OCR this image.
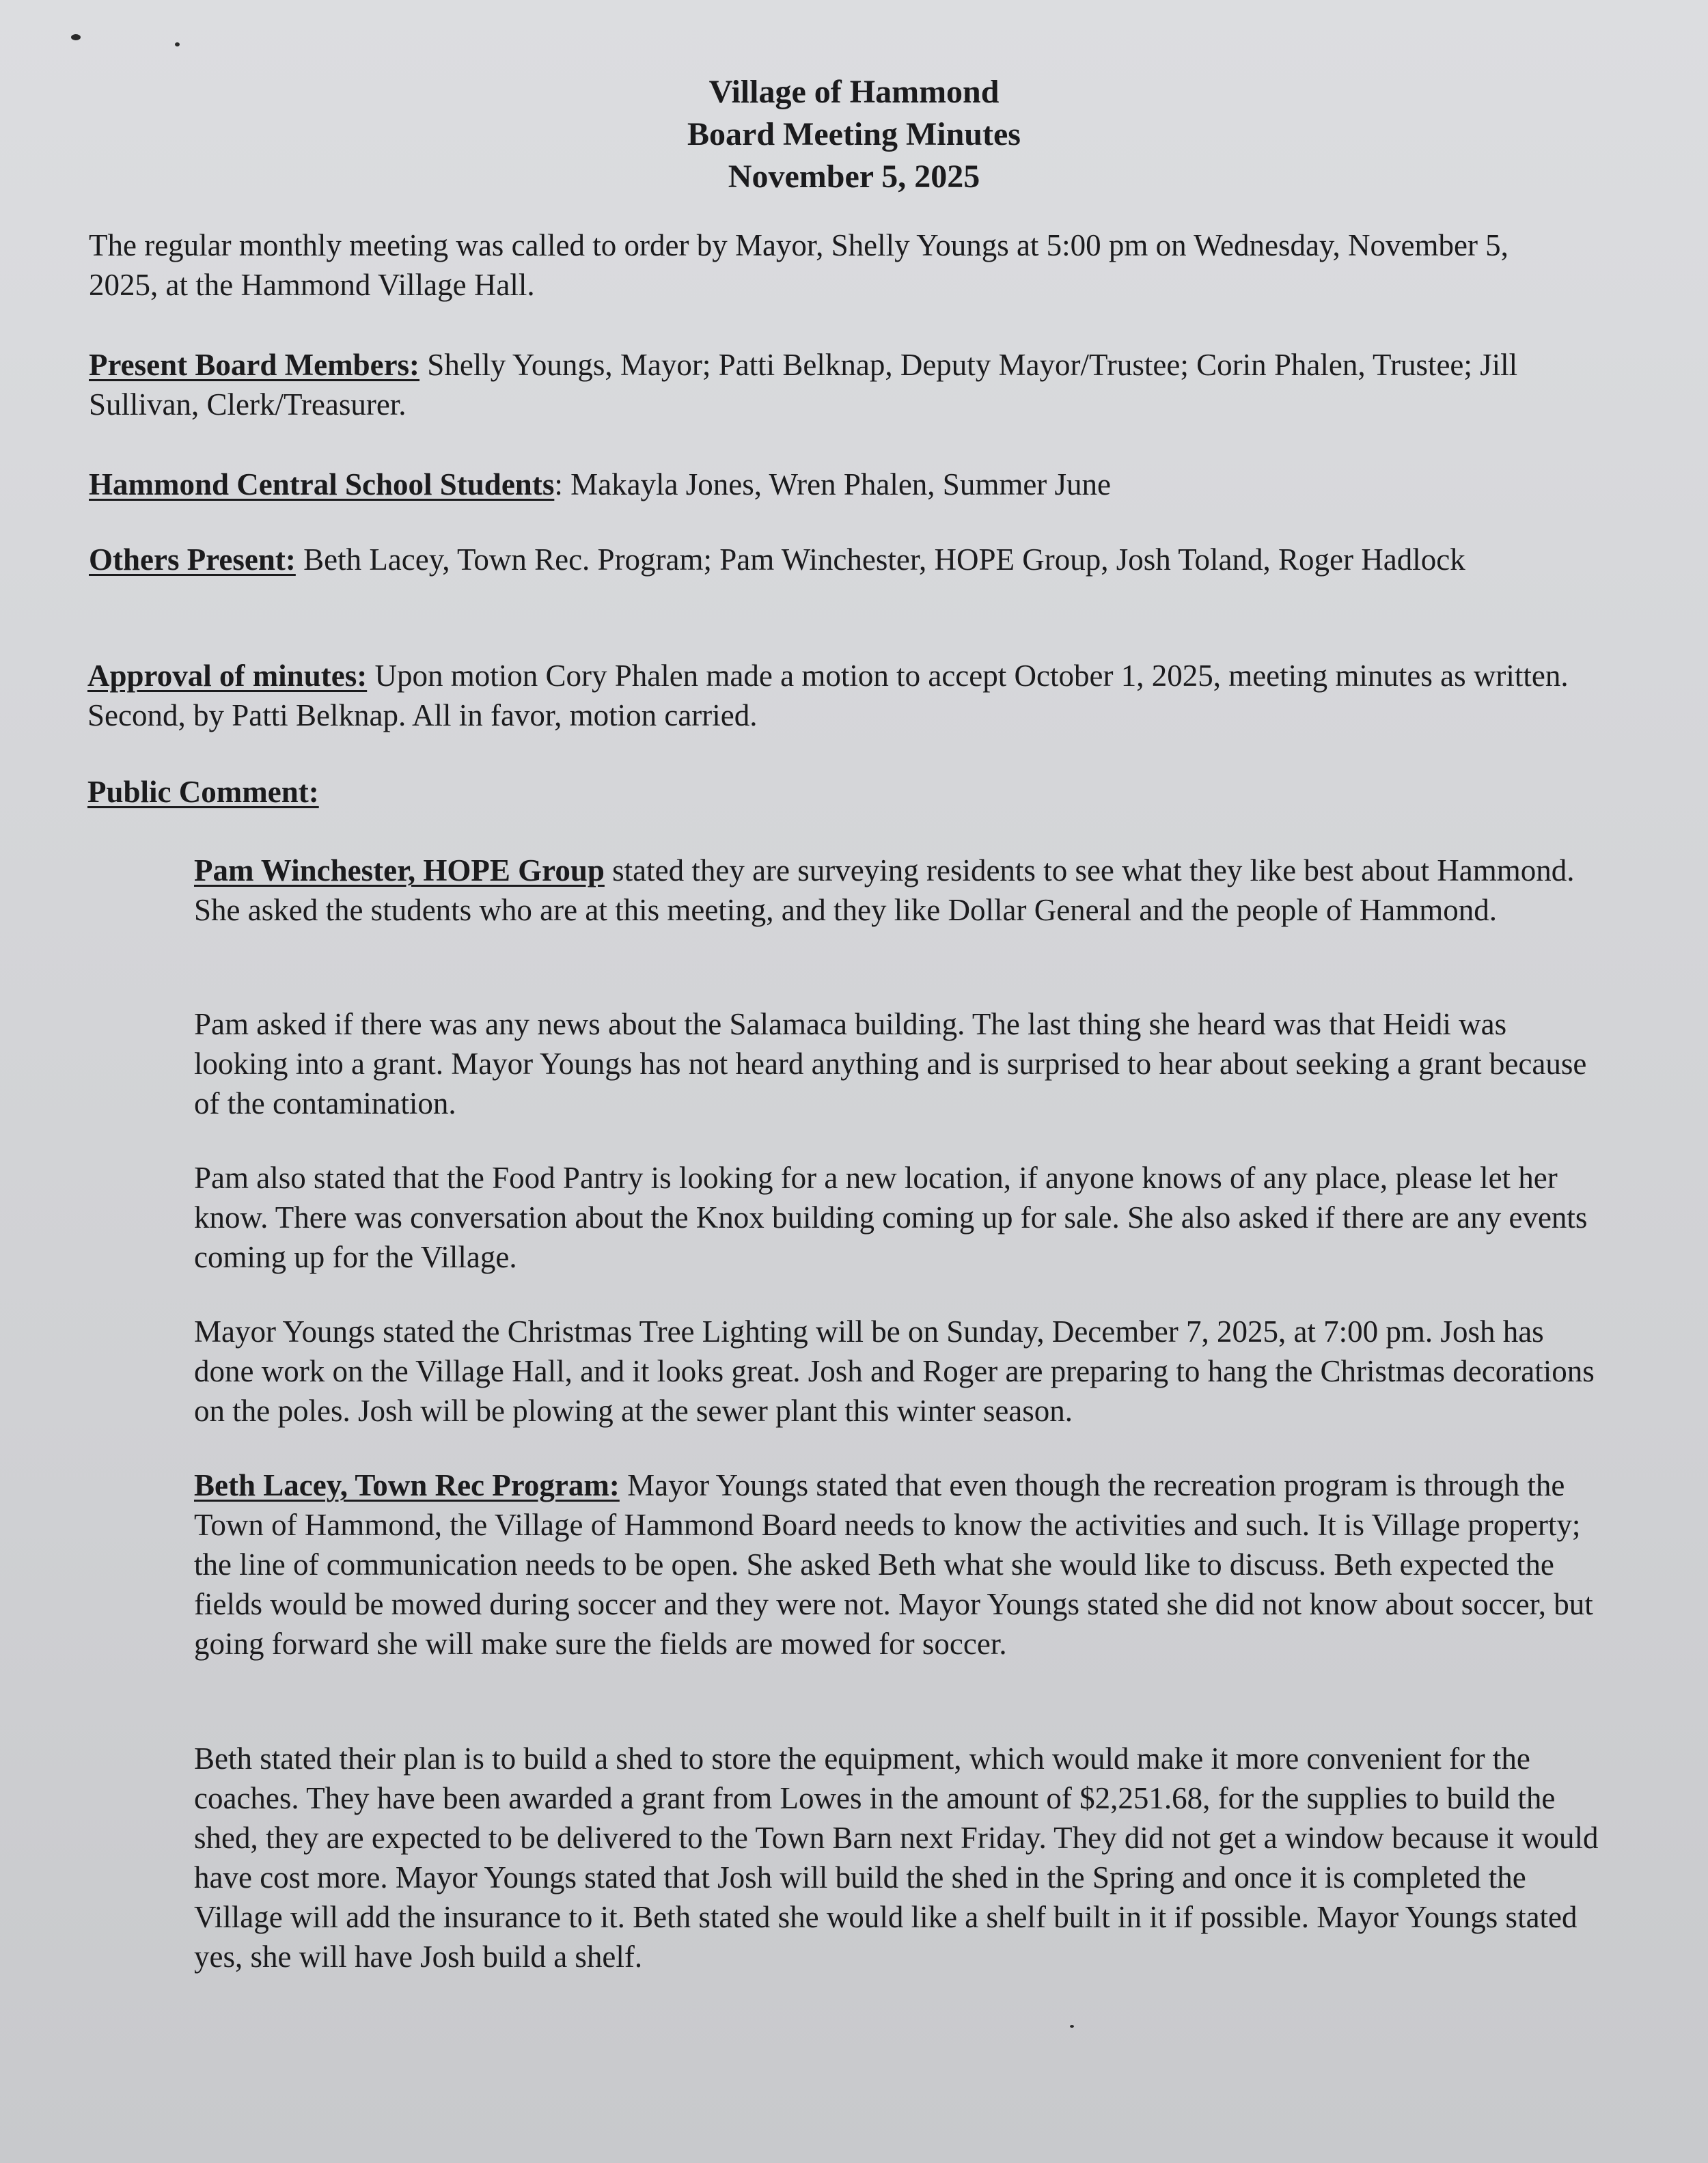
Village of Hammond
Board Meeting Minutes
November 5, 2025

The regular monthly meeting was called to order by Mayor, Shelly Youngs at 5:00 pm on Wednesday, November 5, 2025, at the Hammond Village Hall.

Present Board Members: Shelly Youngs, Mayor; Patti Belknap, Deputy Mayor/Trustee; Corin Phalen, Trustee; Jill Sullivan, Clerk/Treasurer.

Hammond Central School Students: Makayla Jones, Wren Phalen, Summer June

Others Present: Beth Lacey, Town Rec. Program; Pam Winchester, HOPE Group, Josh Toland, Roger Hadlock

Approval of minutes: Upon motion Cory Phalen made a motion to accept October 1, 2025, meeting minutes as written. Second, by Patti Belknap. All in favor, motion carried.

Public Comment:

Pam Winchester, HOPE Group stated they are surveying residents to see what they like best about Hammond. She asked the students who are at this meeting, and they like Dollar General and the people of Hammond.

Pam asked if there was any news about the Salamaca building. The last thing she heard was that Heidi was looking into a grant. Mayor Youngs has not heard anything and is surprised to hear about seeking a grant because of the contamination.

Pam also stated that the Food Pantry is looking for a new location, if anyone knows of any place, please let her know. There was conversation about the Knox building coming up for sale. She also asked if there are any events coming up for the Village.

Mayor Youngs stated the Christmas Tree Lighting will be on Sunday, December 7, 2025, at 7:00 pm. Josh has done work on the Village Hall, and it looks great. Josh and Roger are preparing to hang the Christmas decorations on the poles. Josh will be plowing at the sewer plant this winter season.

Beth Lacey, Town Rec Program: Mayor Youngs stated that even though the recreation program is through the Town of Hammond, the Village of Hammond Board needs to know the activities and such. It is Village property; the line of communication needs to be open. She asked Beth what she would like to discuss. Beth expected the fields would be mowed during soccer and they were not. Mayor Youngs stated she did not know about soccer, but going forward she will make sure the fields are mowed for soccer.

Beth stated their plan is to build a shed to store the equipment, which would make it more convenient for the coaches. They have been awarded a grant from Lowes in the amount of $2,251.68, for the supplies to build the shed, they are expected to be delivered to the Town Barn next Friday. They did not get a window because it would have cost more. Mayor Youngs stated that Josh will build the shed in the Spring and once it is completed the Village will add the insurance to it. Beth stated she would like a shelf built in it if possible. Mayor Youngs stated yes, she will have Josh build a shelf.
